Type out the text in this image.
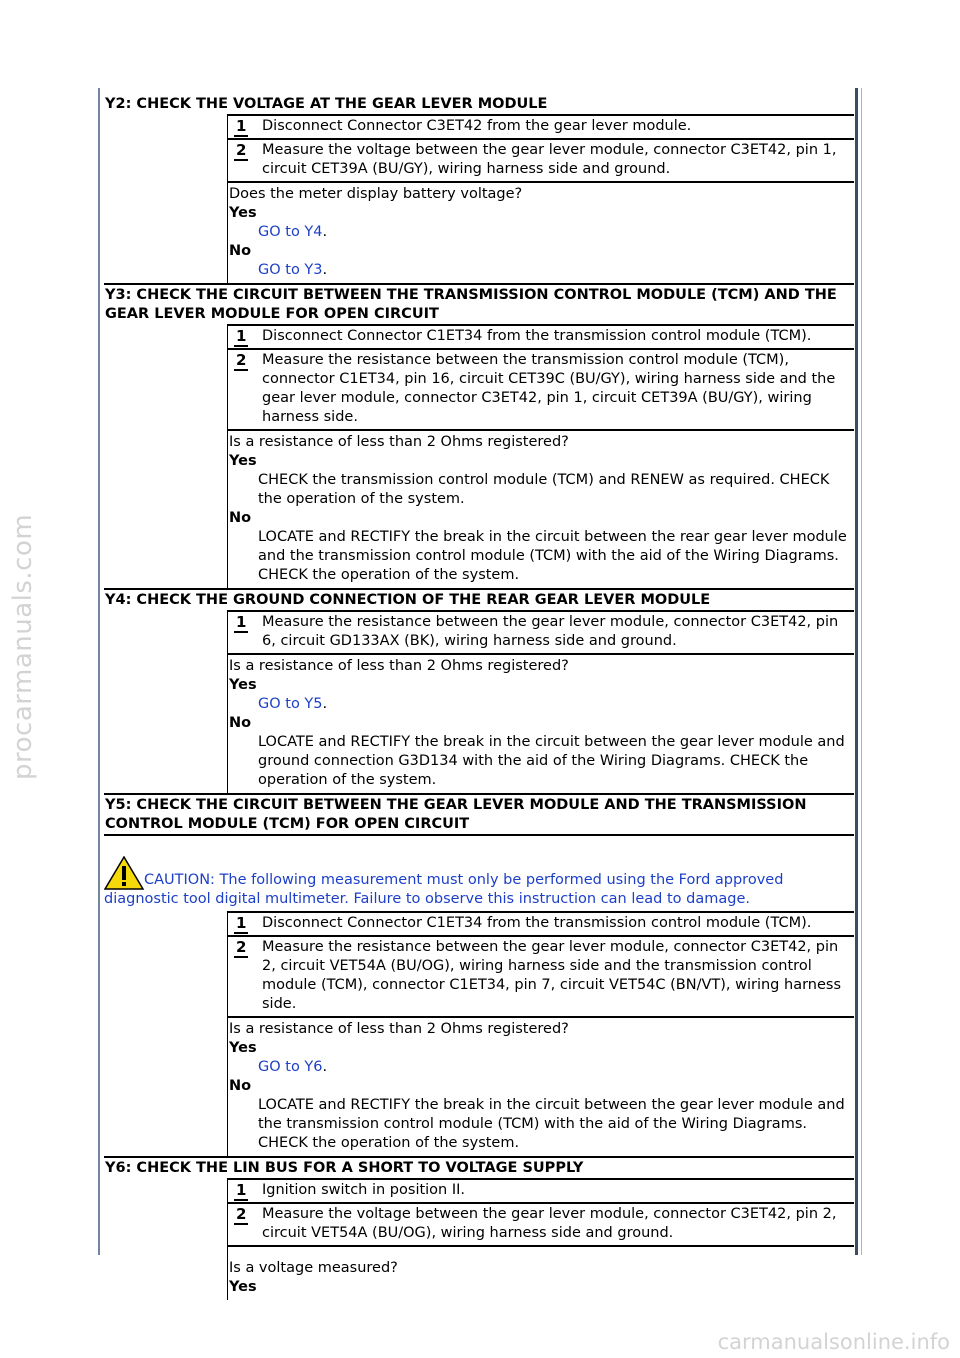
Y2: CHECK THE VOLTAGE AT THE GEAR LEVER MODULE
1	Disconnect Connector C3ET42 from the gear lever module.
2	Measure the voltage between the gear lever module, connector C3ET42, pin 1, circuit CET39A (BU/GY), wiring harness side and ground.
Does the meter display battery voltage?
Yes
GO to Y4.
No
GO to Y3.
Y3: CHECK THE CIRCUIT BETWEEN THE TRANSMISSION CONTROL MODULE (TCM) AND THE GEAR LEVER MODULE FOR OPEN CIRCUIT
1	Disconnect Connector C1ET34 from the transmission control module (TCM).
2	Measure the resistance between the transmission control module (TCM), connector C1ET34, pin 16, circuit CET39C (BU/GY), wiring harness side and the gear lever module, connector C3ET42, pin 1, circuit CET39A (BU/GY), wiring harness side.
Is a resistance of less than 2 Ohms registered?
Yes
CHECK the transmission control module (TCM) and RENEW as required. CHECK the operation of the system.
No
LOCATE and RECTIFY the break in the circuit between the rear gear lever module and the transmission control module (TCM) with the aid of the Wiring Diagrams. CHECK the operation of the system.
Y4: CHECK THE GROUND CONNECTION OF THE REAR GEAR LEVER MODULE
1	Measure the resistance between the gear lever module, connector C3ET42, pin 6, circuit GD133AX (BK), wiring harness side and ground.
Is a resistance of less than 2 Ohms registered?
Yes
GO to Y5.
No
LOCATE and RECTIFY the break in the circuit between the gear lever module and ground connection G3D134 with the aid of the Wiring Diagrams. CHECK the operation of the system.
Y5: CHECK THE CIRCUIT BETWEEN THE GEAR LEVER MODULE AND THE TRANSMISSION CONTROL MODULE (TCM) FOR OPEN CIRCUIT
CAUTION: The following measurement must only be performed using the Ford approved diagnostic tool digital multimeter. Failure to observe this instruction can lead to damage.
1	Disconnect Connector C1ET34 from the transmission control module (TCM).
2	Measure the resistance between the gear lever module, connector C3ET42, pin 2, circuit VET54A (BU/OG), wiring harness side and the transmission control module (TCM), connector C1ET34, pin 7, circuit VET54C (BN/VT), wiring harness side.
Is a resistance of less than 2 Ohms registered?
Yes
GO to Y6.
No
LOCATE and RECTIFY the break in the circuit between the gear lever module and the transmission control module (TCM) with the aid of the Wiring Diagrams. CHECK the operation of the system.
Y6: CHECK THE LIN BUS FOR A SHORT TO VOLTAGE SUPPLY
1	Ignition switch in position II.
2	Measure the voltage between the gear lever module, connector C3ET42, pin 2, circuit VET54A (BU/OG), wiring harness side and ground.
Is a voltage measured?
Yes
procarmanuals.com
carmanualsonline.info
